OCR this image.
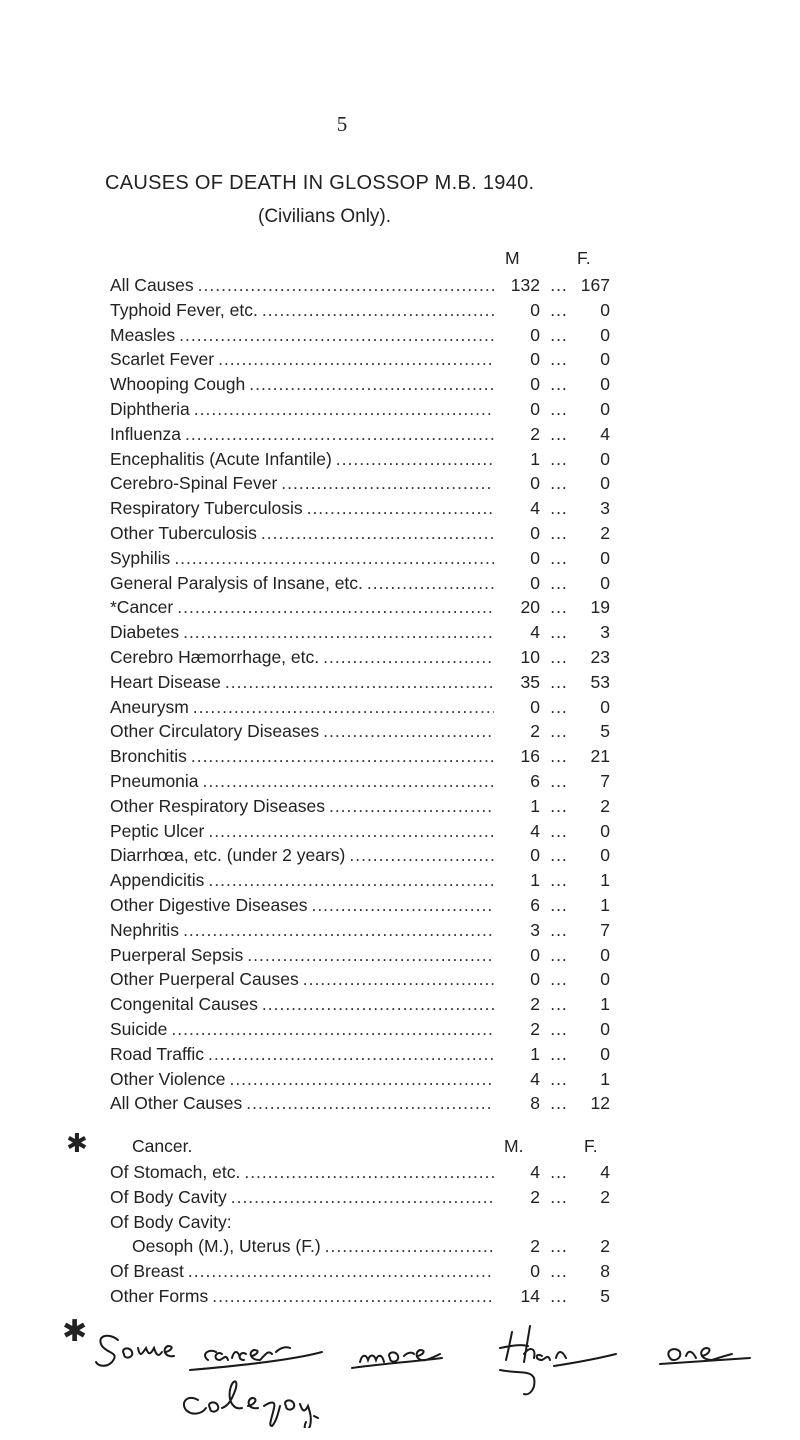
5
CAUSES OF DEATH IN GLOSSOP M.B. 1940.
(Civilians Only).
M	F.
All Causes .....	132 ... 167
Typhoid Fever, etc. .....	0 ...	0
Measles .....	0 ...	0
Scarlet Fever .....	0 ...	0
Whooping Cough .....	0 ...	0
Diphtheria .....	0 ...	0
Influenza .....	2 ...	4
Encephalitis (Acute Infantile) .....	1 ...	0
Cerebro-Spinal Fever .....	0 ...	0
Respiratory Tuberculosis .....	4 ...	3
Other Tuberculosis .....	0 ...	2
Syphilis .....	0 ...	0
General Paralysis of Insane, etc. .....	0 ...	0
*Cancer .....	20 ...	19
Diabetes .....	4 ...	3
Cerebro Hæmorrhage, etc. .....	10 ...	23
Heart Disease .....	35 ...	53
Aneurysm .....	0 ...	0
Other Circulatory Diseases .....	2 ...	5
Bronchitis .....	16 ...	21
Pneumonia .....	6 ...	7
Other Respiratory Diseases .....	1 ...	2
Peptic Ulcer .....	4 ...	0
Diarrhœa, etc. (under 2 years) .....	0 ...	0
Appendicitis .....	1 ...	1
Other Digestive Diseases .....	6 ...	1
Nephritis .....	3 ...	7
Puerperal Sepsis .....	0 ...	0
Other Puerperal Causes .....	0 ...	0
Congenital Causes .....	2 ...	1
Suicide .....	2 ...	0
Road Traffic .....	1 ...	0
Other Violence .....	4 ...	1
All Other Causes .....	8 ...	12
✱	Cancer.	M.	F.
Of Stomach, etc. .....	4 ...	4
Of Body Cavity .....	2 ...	2
Of Body Cavity:
Oesoph (M.), Uterus (F.) .....	2 ...	2
Of Breast .....	0 ...	8
Other Forms .....	14 ...	5
✱
